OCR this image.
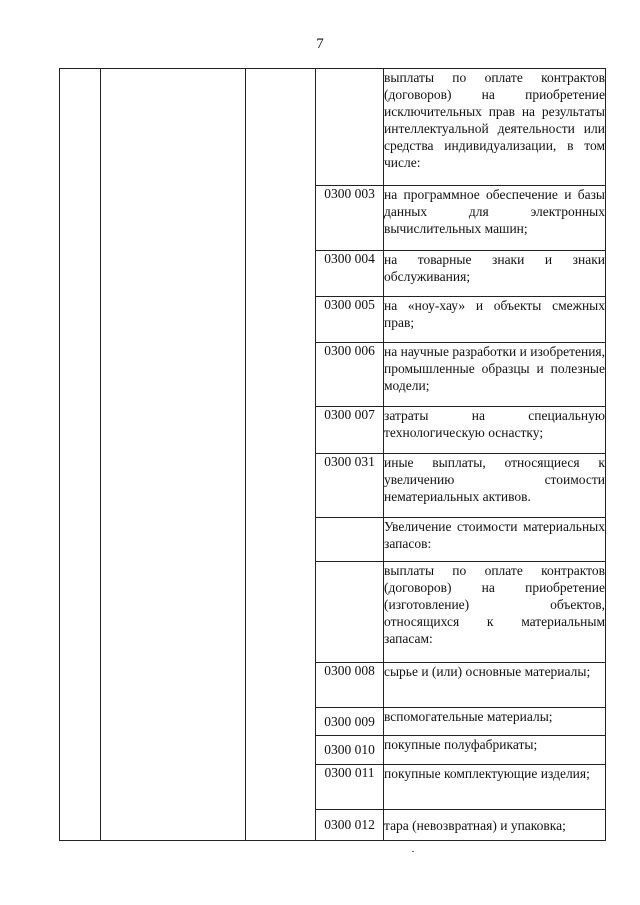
7
				выплаты по оплате контрактов (договоров) на приобретение исключительных прав на результаты интеллектуальной деятельности или средства индивидуализации, в том числе:
			0300 003	на программное обеспечение и базы данных для электронных вычислительных машин;
			0300 004	на товарные знаки и знаки обслуживания;
			0300 005	на «ноу-хау» и объекты смежных прав;
			0300 006	на научные разработки и изобретения, промышленные образцы и полезные модели;
			0300 007	затраты на специальную технологическую оснастку;
			0300 031	иные выплаты, относящиеся к увеличению стоимости нематериальных активов.
				Увеличение стоимости материальных запасов:
				выплаты по оплате контрактов (договоров) на приобретение (изготовление) объектов, относящихся к материальным запасам:
			0300 008	сырье и (или) основные материалы;
			0300 009	вспомогательные материалы;
			0300 010	покупные полуфабрикаты;
			0300 011	покупные комплектующие изделия;
			0300 012	тара (невозвратная) и упаковка;
